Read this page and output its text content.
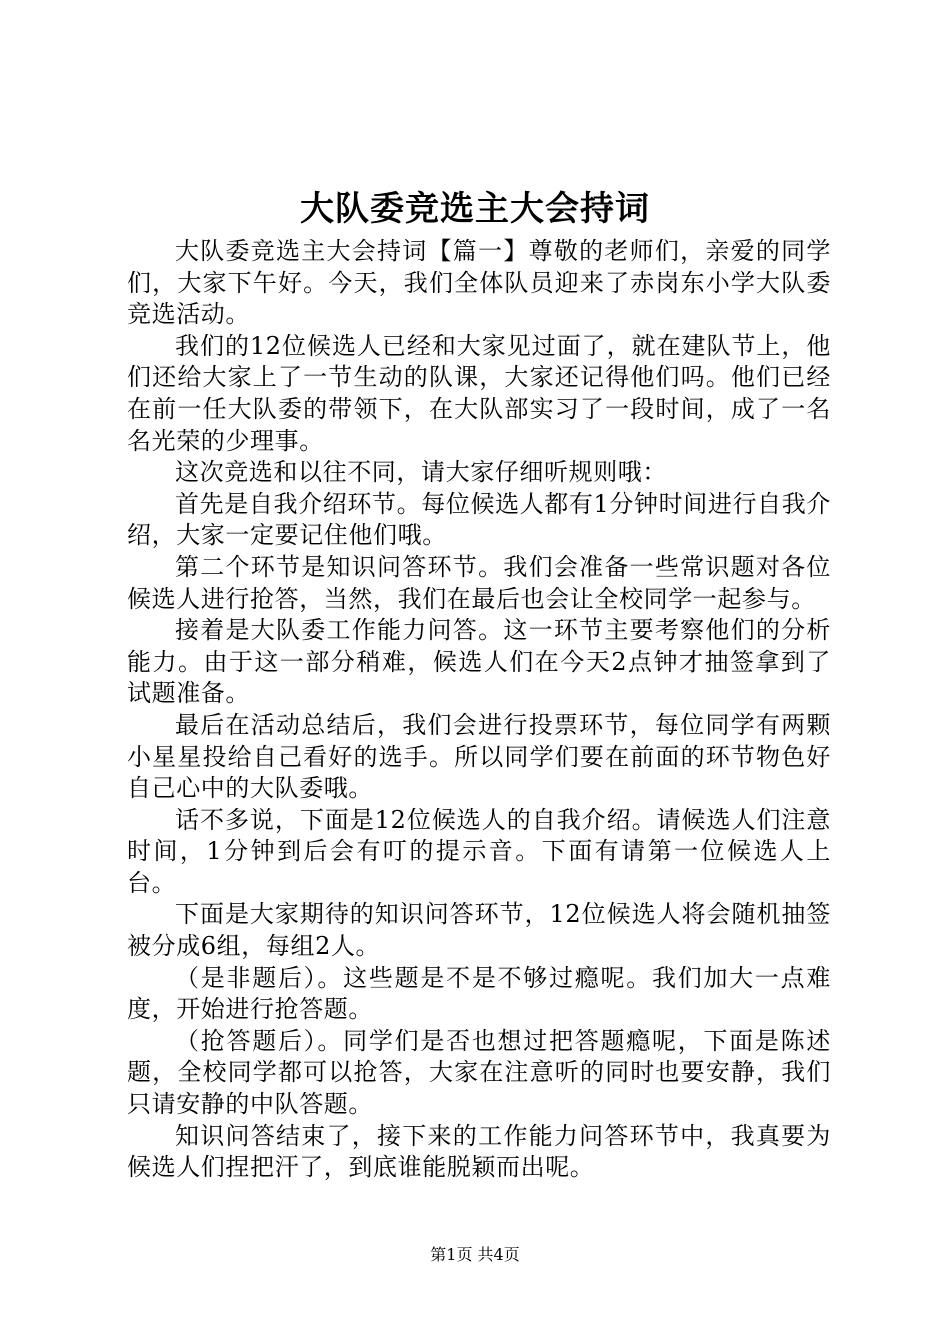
大队委竞选主大会持词

大队委竞选主大会持词【篇一】尊敬的老师们，亲爱的同学们，大家下午好。今天，我们全体队员迎来了赤岗东小学大队委竞选活动。

我们的12位候选人已经和大家见过面了，就在建队节上，他们还给大家上了一节生动的队课，大家还记得他们吗。他们已经在前一任大队委的带领下，在大队部实习了一段时间，成了一名名光荣的少理事。

这次竞选和以往不同，请大家仔细听规则哦：

首先是自我介绍环节。每位候选人都有1分钟时间进行自我介绍，大家一定要记住他们哦。

第二个环节是知识问答环节。我们会准备一些常识题对各位候选人进行抢答，当然，我们在最后也会让全校同学一起参与。

接着是大队委工作能力问答。这一环节主要考察他们的分析能力。由于这一部分稍难，候选人们在今天2点钟才抽签拿到了试题准备。

最后在活动总结后，我们会进行投票环节，每位同学有两颗小星星投给自己看好的选手。所以同学们要在前面的环节物色好自己心中的大队委哦。

话不多说，下面是12位候选人的自我介绍。请候选人们注意时间，1分钟到后会有叮的提示音。下面有请第一位候选人上台。

下面是大家期待的知识问答环节，12位候选人将会随机抽签被分成6组，每组2人。

（是非题后）。这些题是不是不够过瘾呢。我们加大一点难度，开始进行抢答题。

（抢答题后）。同学们是否也想过把答题瘾呢，下面是陈述题，全校同学都可以抢答，大家在注意听的同时也要安静，我们只请安静的中队答题。

知识问答结束了，接下来的工作能力问答环节中，我真要为候选人们捏把汗了，到底谁能脱颖而出呢。

第1页 共4页
